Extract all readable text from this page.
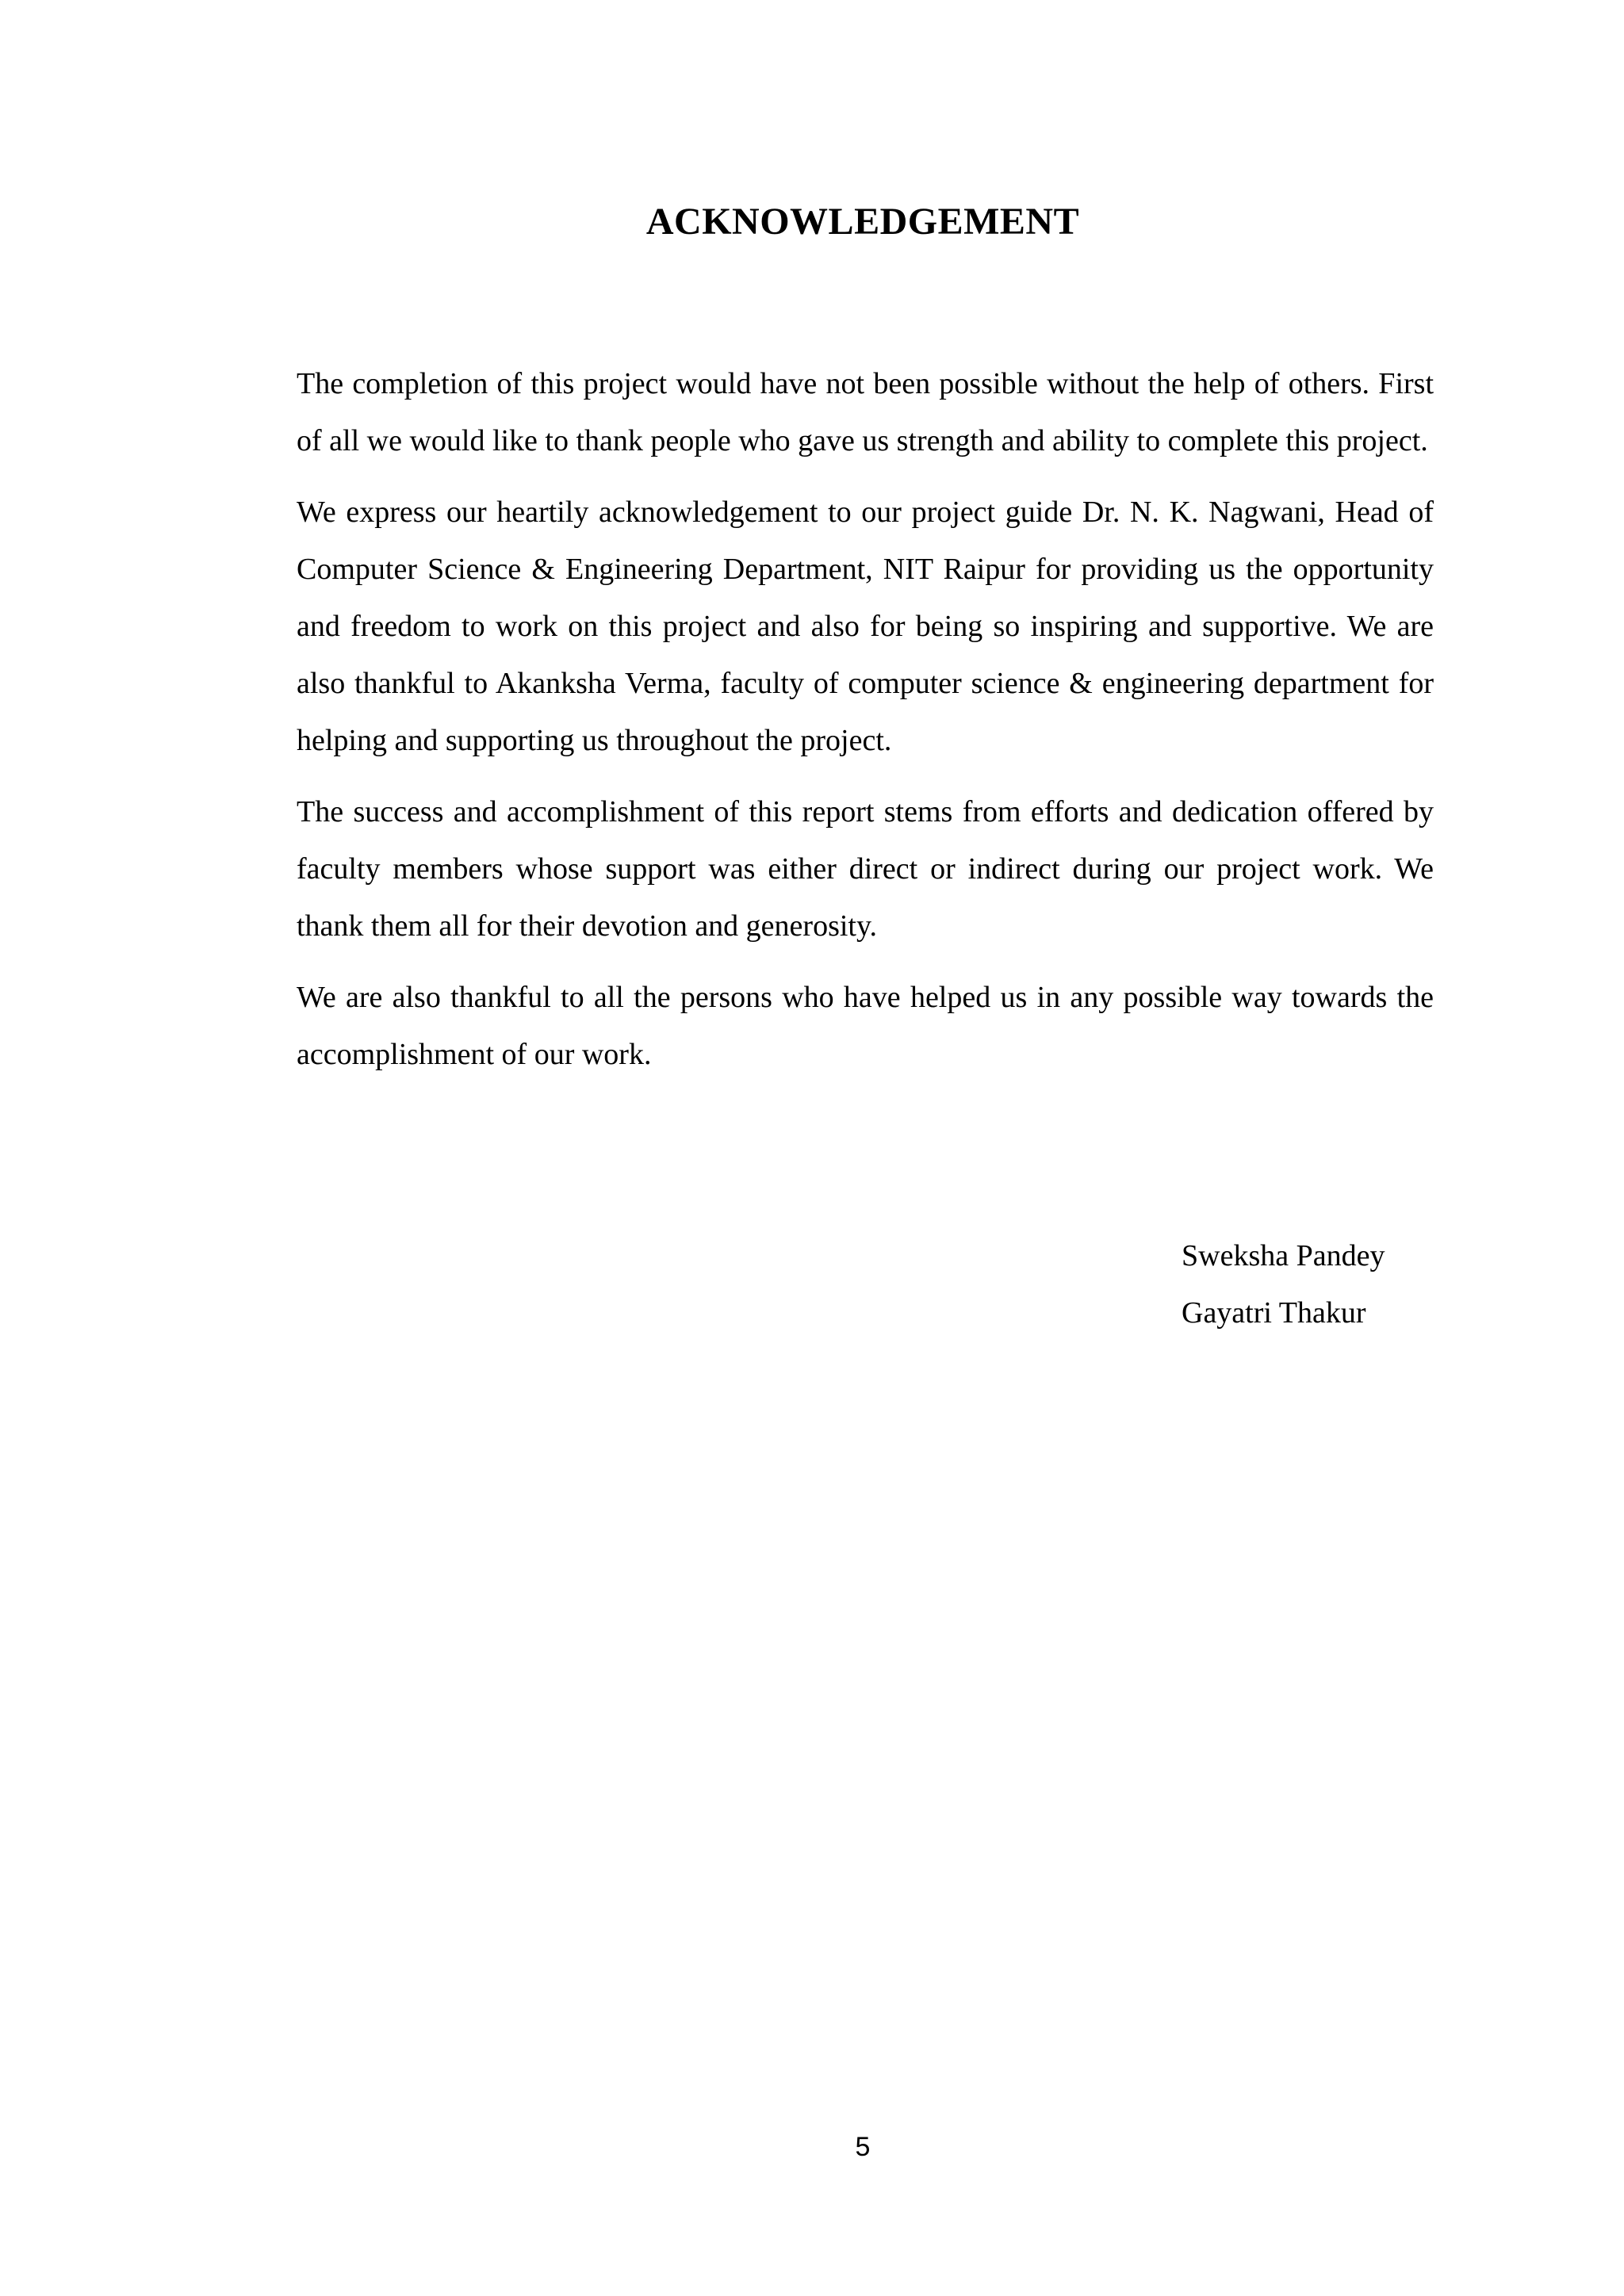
ACKNOWLEDGEMENT

The completion of this project would have not been possible without the help of others. First of all we would like to thank people who gave us strength and ability to complete this project.

We express our heartily acknowledgement to our project guide Dr. N. K. Nagwani, Head of Computer Science & Engineering Department, NIT Raipur for providing us the opportunity and freedom to work on this project and also for being so inspiring and supportive. We are also thankful to Akanksha Verma, faculty of computer science & engineering department for helping and supporting us throughout the project.

The success and accomplishment of this report stems from efforts and dedication offered by faculty members whose support was either direct or indirect during our project work. We thank them all for their devotion and generosity.

We are also thankful to all the persons who have helped us in any possible way towards the accomplishment of our work.

Sweksha Pandey
Gayatri Thakur
5
